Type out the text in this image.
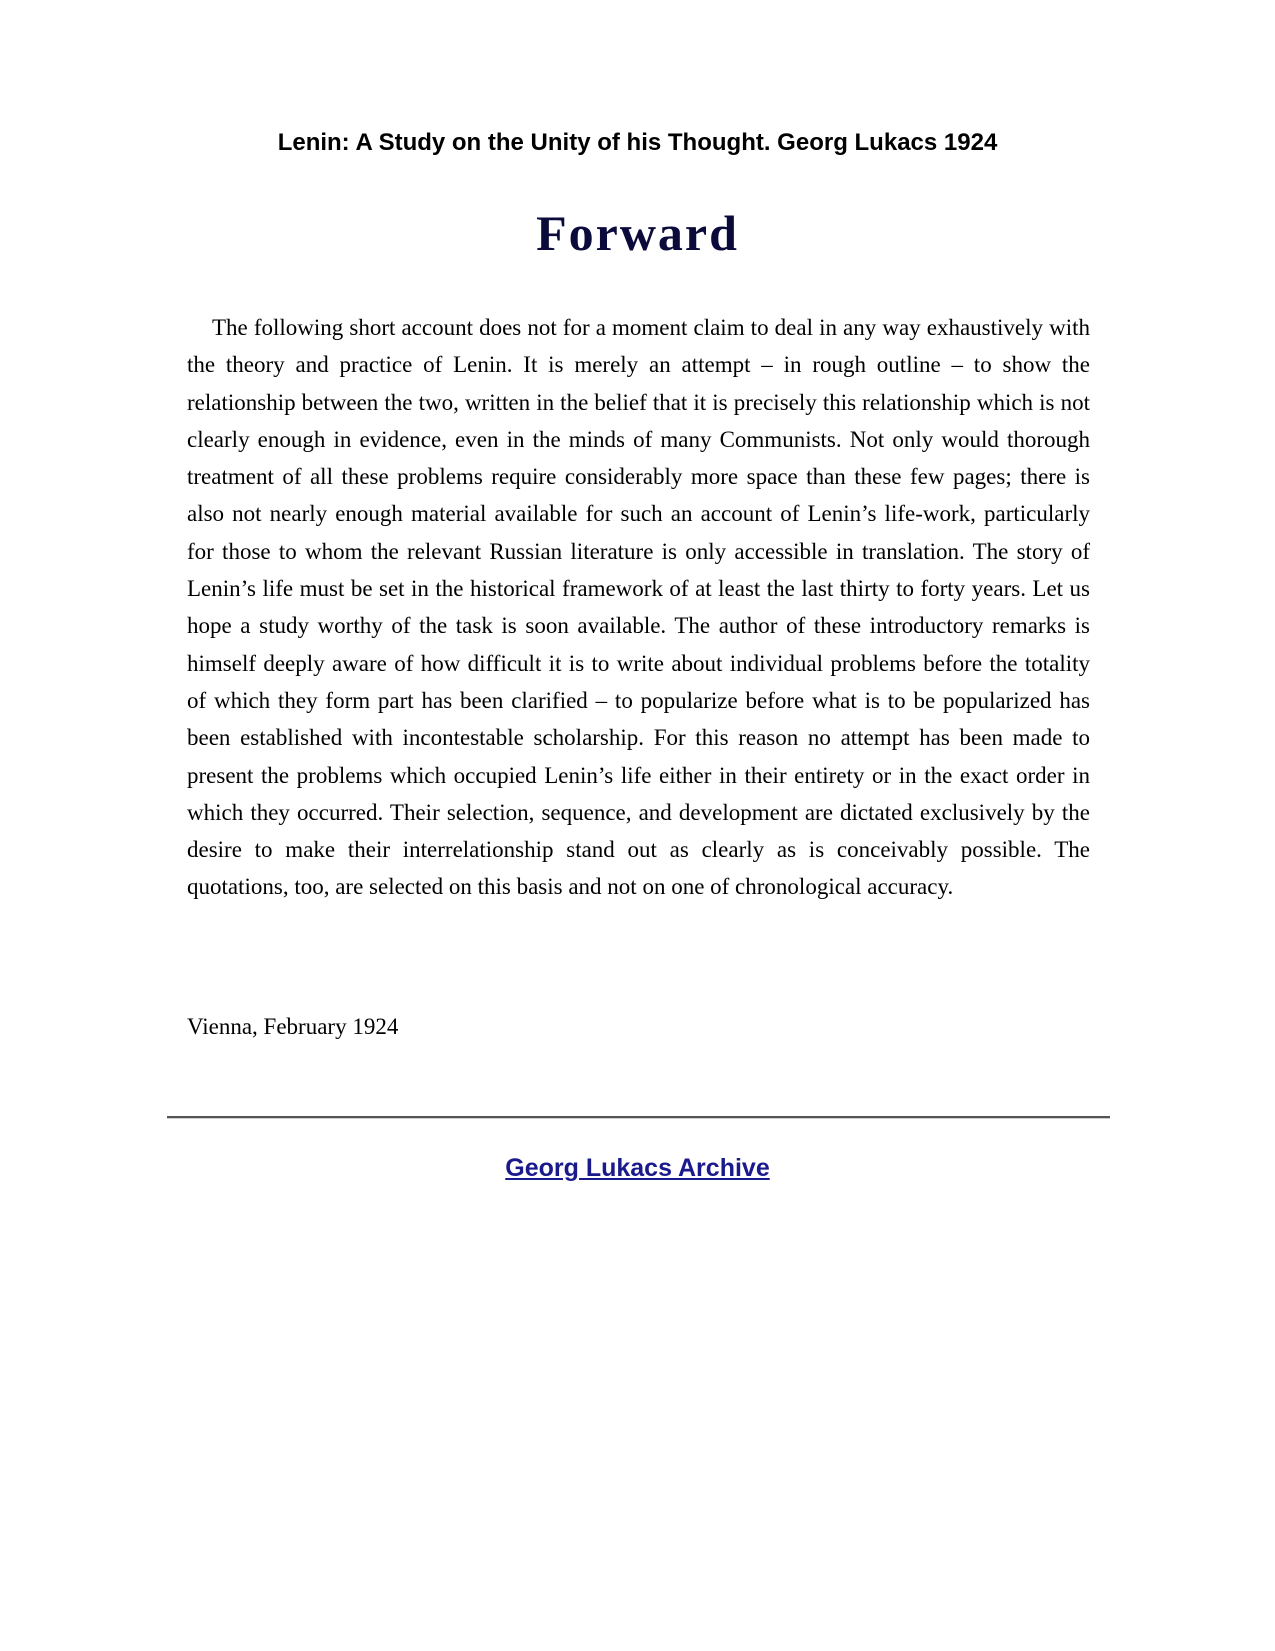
Lenin: A Study on the Unity of his Thought. Georg Lukacs 1924
Forward

The following short account does not for a moment claim to deal in any way exhaustively with the theory and practice of Lenin. It is merely an attempt – in rough outline – to show the relationship between the two, written in the belief that it is precisely this relationship which is not clearly enough in evidence, even in the minds of many Communists. Not only would thorough treatment of all these problems require considerably more space than these few pages; there is also not nearly enough material available for such an account of Lenin’s life-work, particularly for those to whom the relevant Russian literature is only accessible in translation. The story of Lenin’s life must be set in the historical framework of at least the last thirty to forty years. Let us hope a study worthy of the task is soon available. The author of these introductory remarks is himself deeply aware of how difficult it is to write about individual problems before the totality of which they form part has been clarified – to popularize before what is to be popularized has been established with incontestable scholarship. For this reason no attempt has been made to present the problems which occupied Lenin’s life either in their entirety or in the exact order in which they occurred. Their selection, sequence, and development are dictated exclusively by the desire to make their interrelationship stand out as clearly as is conceivably possible. The quotations, too, are selected on this basis and not on one of chronological accuracy.

Vienna, February 1924

Georg Lukacs Archive
